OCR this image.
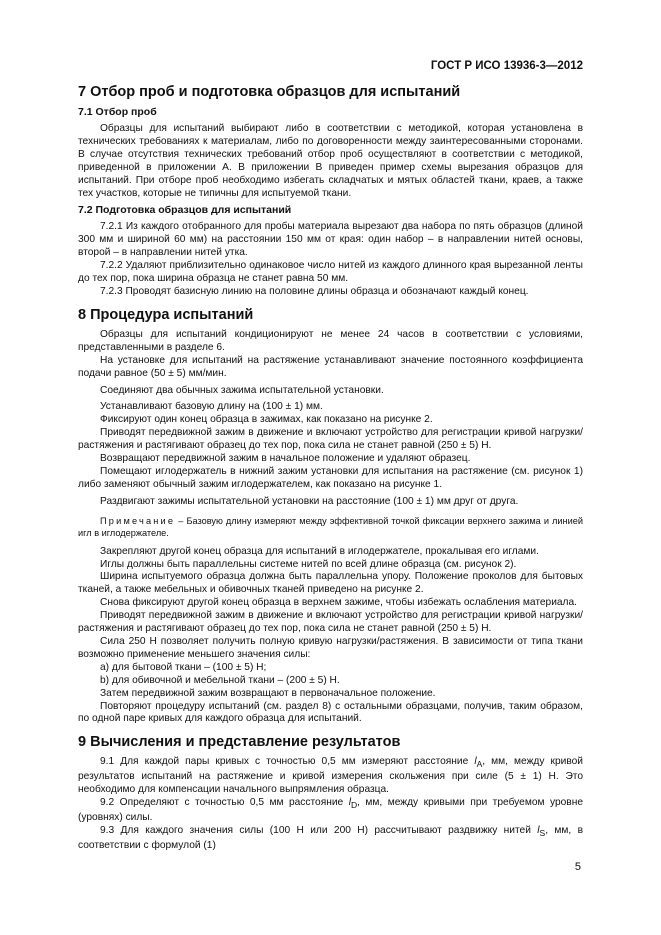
ГОСТ Р ИСО 13936-3—2012
7 Отбор проб и подготовка образцов для испытаний
7.1 Отбор проб

Образцы для испытаний выбирают либо в соответствии с методикой, которая установлена в технических требованиях к материалам, либо по договоренности между заинтересованными сторонами. В случае отсутствия технических требований отбор проб осуществляют в соответствии с методикой, приведенной в приложении А. В приложении В приведен пример схемы вырезания образцов для испытаний. При отборе проб необходимо избегать складчатых и мятых областей ткани, краев, а также тех участков, которые не типичны для испытуемой ткани.

7.2 Подготовка образцов для испытаний

7.2.1 Из каждого отобранного для пробы материала вырезают два набора по пять образцов (длиной 300 мм и шириной 60 мм) на расстоянии 150 мм от края: один набор – в направлении нитей основы, второй – в направлении нитей утка.

7.2.2 Удаляют приблизительно одинаковое число нитей из каждого длинного края вырезанной ленты до тех пор, пока ширина образца не станет равна 50 мм.

7.2.3 Проводят базисную линию на половине длины образца и обозначают каждый конец.

8 Процедура испытаний

Образцы для испытаний кондиционируют не менее 24 часов в соответствии с условиями, представленными в разделе 6.

На установке для испытаний на растяжение устанавливают значение постоянного коэффициента подачи равное (50 ± 5) мм/мин.

Соединяют два обычных зажима испытательной установки.

Устанавливают базовую длину на (100 ± 1) мм.

Фиксируют один конец образца в зажимах, как показано на рисунке 2.

Приводят передвижной зажим в движение и включают устройство для регистрации кривой нагрузки/растяжения и растягивают образец до тех пор, пока сила не станет равной (250 ± 5) Н.

Возвращают передвижной зажим в начальное положение и удаляют образец.

Помещают иглодержатель в нижний зажим установки для испытания на растяжение (см. рисунок 1) либо заменяют обычный зажим иглодержателем, как показано на рисунке 1.

Раздвигают зажимы испытательной установки на расстояние (100 ± 1) мм друг от друга.

Примечание – Базовую длину измеряют между эффективной точкой фиксации верхнего зажима и линией игл в иглодержателе.

Закрепляют другой конец образца для испытаний в иглодержателе, прокалывая его иглами.

Иглы должны быть параллельны системе нитей по всей длине образца (см. рисунок 2).

Ширина испытуемого образца должна быть параллельна упору. Положение проколов для бытовых тканей, а также мебельных и обивочных тканей приведено на рисунке 2.

Снова фиксируют другой конец образца в верхнем зажиме, чтобы избежать ослабления материала.

Приводят передвижной зажим в движение и включают устройство для регистрации кривой нагрузки/растяжения и растягивают образец до тех пор, пока сила не станет равной (250 ± 5) Н.

Сила 250 Н позволяет получить полную кривую нагрузки/растяжения. В зависимости от типа ткани возможно применение меньшего значения силы:

а) для бытовой ткани – (100 ± 5) Н;

b) для обивочной и мебельной ткани – (200 ± 5) Н.

Затем передвижной зажим возвращают в первоначальное положение.

Повторяют процедуру испытаний (см. раздел 8) с остальными образцами, получив, таким образом, по одной паре кривых для каждого образца для испытаний.

9 Вычисления и представление результатов

9.1 Для каждой пары кривых с точностью 0,5 мм измеряют расстояние $l_A$, мм, между кривой результатов испытаний на растяжение и кривой измерения скольжения при силе (5 ± 1) Н. Это необходимо для компенсации начального выпрямления образца.

9.2 Определяют с точностью 0,5 мм расстояние $l_D$, мм, между кривыми при требуемом уровне (уровнях) силы.

9.3 Для каждого значения силы (100 Н или 200 Н) рассчитывают раздвижку нитей $l_S$, мм, в соответствии с формулой (1)

5
